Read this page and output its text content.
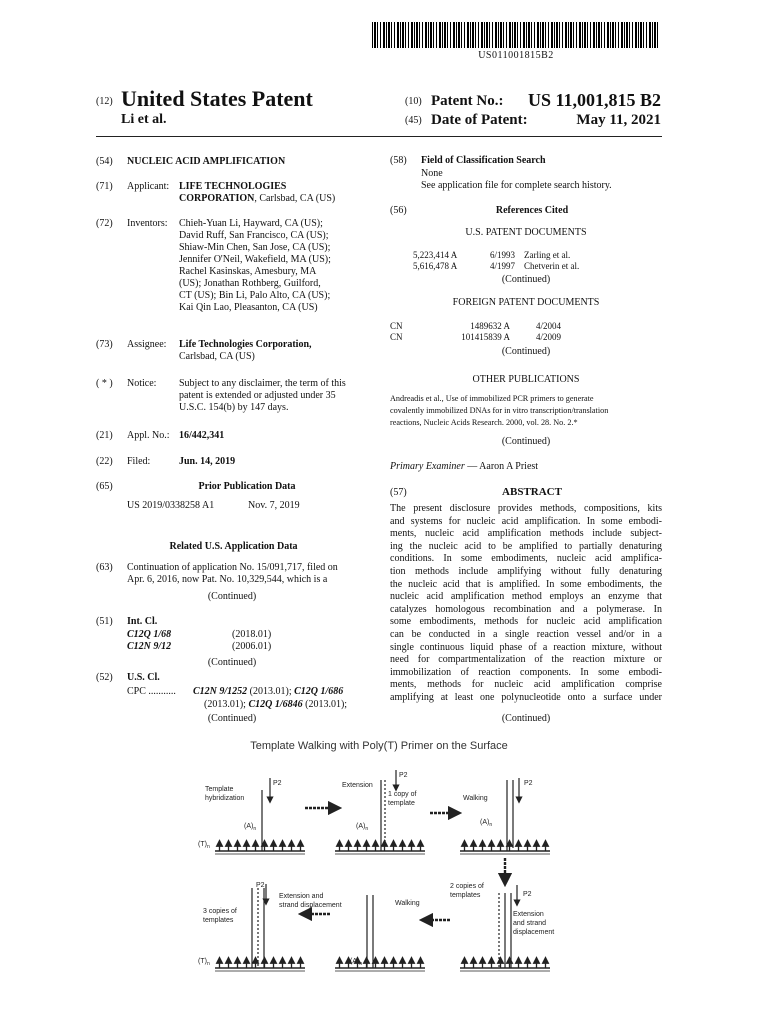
US011001815B2
(12) United States Patent
Li et al.
(10) Patent No.:	US 11,001,815 B2
(45) Date of Patent:	May 11, 2021
(54) NUCLEIC ACID AMPLIFICATION
(71) Applicant: LIFE TECHNOLOGIES
CORPORATION, Carlsbad, CA (US)
(72) Inventors: Chieh-Yuan Li, Hayward, CA (US);
David Ruff, San Francisco, CA (US);
Shiaw-Min Chen, San Jose, CA (US);
Jennifer O'Neil, Wakefield, MA (US);
Rachel Kasinskas, Amesbury, MA
(US); Jonathan Rothberg, Guilford,
CT (US); Bin Li, Palo Alto, CA (US);
Kai Qin Lao, Pleasanton, CA (US)
(73) Assignee: Life Technologies Corporation,
Carlsbad, CA (US)
( * ) Notice: Subject to any disclaimer, the term of this
patent is extended or adjusted under 35
U.S.C. 154(b) by 147 days.
(21) Appl. No.: 16/442,341
(22) Filed:	Jun. 14, 2019
(65)	Prior Publication Data
US 2019/0338258 A1	Nov. 7, 2019
Related U.S. Application Data
(63) Continuation of application No. 15/091,717, filed on
Apr. 6, 2016, now Pat. No. 10,329,544, which is a
(Continued)
(51) Int. Cl.
C12Q 1/68	(2018.01)
C12N 9/12	(2006.01)
(Continued)
(52) U.S. Cl.
CPC ........... C12N 9/1252 (2013.01); C12Q 1/686
(2013.01); C12Q 1/6846 (2013.01);
(Continued)
(58) Field of Classification Search
None
See application file for complete search history.
(56)	References Cited
U.S. PATENT DOCUMENTS
5,223,414 A	6/1993 Zarling et al.
5,616,478 A	4/1997 Chetverin et al.
(Continued)
FOREIGN PATENT DOCUMENTS
CN	1489632 A	4/2004
CN	101415839 A	4/2009
(Continued)
OTHER PUBLICATIONS
Andreadis et al., Use of immobilized PCR primers to generate
covalently immobilized DNAs for in vitro transcription/translation
reactions, Nucleic Acids Research. 2000, vol. 28. No. 2.*
(Continued)
Primary Examiner — Aaron A Priest
(57)	ABSTRACT
The present disclosure provides methods, compositions, kits
and systems for nucleic acid amplification. In some embodi-
ments, nucleic acid amplification methods include subject-
ing the nucleic acid to be amplified to partially denaturing
conditions. In some embodiments, nucleic acid amplifica-
tion methods include amplifying without fully denaturing
the nucleic acid that is amplified. In some embodiments, the
nucleic acid amplification method employs an enzyme that
catalyzes homologous recombination and a polymerase. In
some embodiments, methods for nucleic acid amplification
can be conducted in a single reaction vessel and/or in a
single continuous liquid phase of a reaction mixture, without
need for compartmentalization of the reaction mixture or
immobilization of reaction components. In some embodi-
ments, methods for nucleic acid amplification comprise
amplifying at least one polynucleotide onto a surface under
(Continued)
Template Walking with Poly(T) Primer on the Surface
P2
Template
hybridization
$(A)_n$
$(T)_n$
P2
Extension
1 copy of
template
$(A)_n$
P2
Walking
$(A)_n$
P2
2 copies of
templates
Extension
and strand
displacement
$(A)_n$
Walking
P2
Extension and
strand displacement
3 copies of
templates
$(T)_n$
